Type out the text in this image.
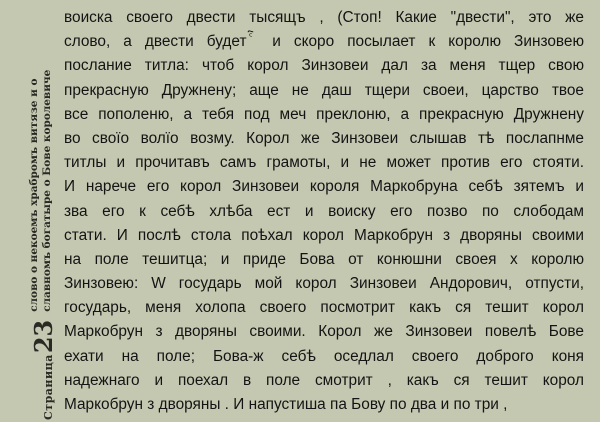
Страница
23
слово о некоемъ храбромъ витязе и о славномъ богатыре о Бове королевиче
воиска своего двести тысящъ , (Стоп! Какие "двести", это же
слово, а двести будет ⷭ҇ и скоро посылает к королю Зинзовею
послание титла: чтоб корол Зинзовеи дал за меня тщер свою
прекрасную Дружнену; аще не даш тщери своеи, царство твое
все пополеню, а тебя под меч преклоню, а прекрасную Дружнену
во своїо волїо возму. Корол же Зинзовеи слышав тѣ послапнме
титлы и прочитавъ самъ грамоты, и не может против его стояти.
И нарече его корол Зинзовеи короля Маркобруна себѣ зятемъ и
зва его к себѣ хлѣба ест и воиску его позво по слободам
стати. И послѣ стола поѣхал корол Маркобрун з дворяны своими
на поле тешитца; и приде Бова от конюшни своея х королю
Зинзовею: W государь мой корол Зинзовеи Андорович, отпусти,
государь, меня холопа своего посмотрит какъ ся тешит корол
Маркобрун з дворяны своими. Корол же Зинзовеи повелѣ Бове
ехати на поле; Бова-ж себѣ оседлал своего доброго коня
надежнаго и поехал в поле смотрит , какъ ся тешит корол
Маркобрун з дворяны . И напустиша па Бову по два и по три ,
